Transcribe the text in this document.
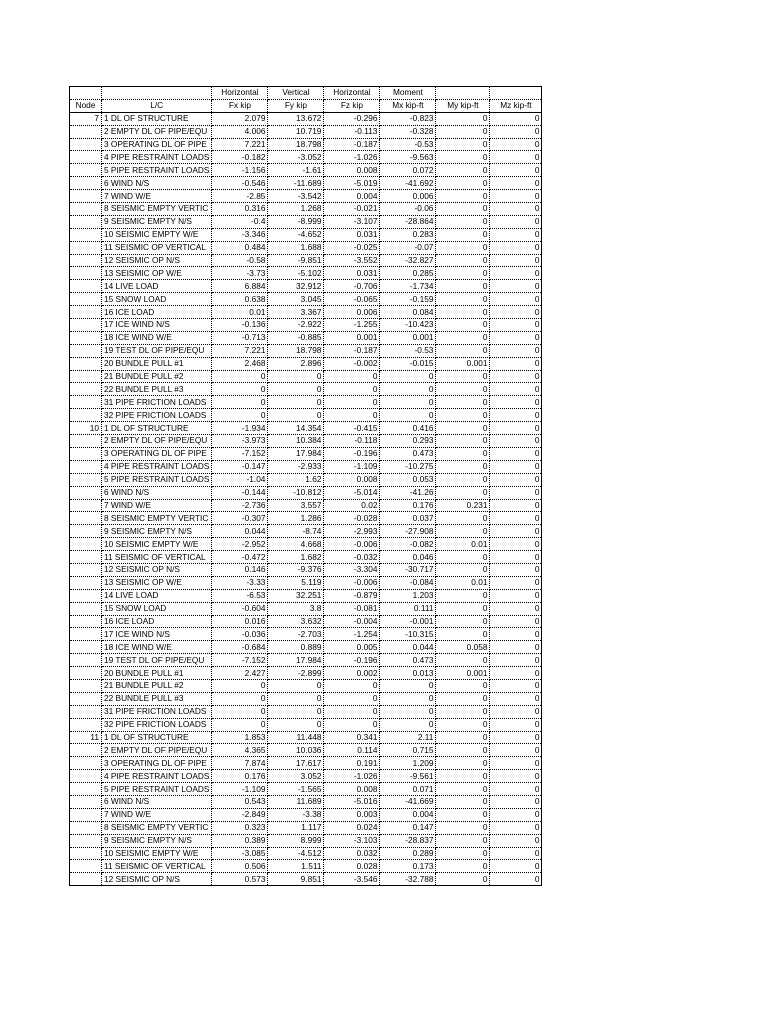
		Horizontal	Vertical	Horizontal	Moment		
Node	L/C	Fx kip	Fy kip	Fz kip	Mx kip-ft	My kip-ft	Mz kip-ft
7	1 DL OF STRUCTURE	2.079	13.672	-0.296	-0.823	0	0
	2 EMPTY DL OF PIPE/EQU	4.006	10.719	-0.113	-0.328	0	0
	3 OPERATING DL OF PIPE	7.221	18.798	-0.187	-0.53	0	0
	4 PIPE RESTRAINT LOADS	-0.182	-3.052	-1.026	-9.563	0	0
	5 PIPE RESTRAINT LOADS	-1.156	-1.61	0.008	0.072	0	0
	6 WIND N/S	-0.546	-11.689	-5.019	-41.692	0	0
	7 WIND W/E	-2.85	-3.542	0.004	0.006	0	0
	8 SEISMIC EMPTY VERTIC	0.316	1.268	-0.021	-0.06	0	0
	9 SEISMIC EMPTY N/S	-0.4	-8.999	-3.107	-28.864	0	0
	10 SEISMIC EMPTY W/E	-3.346	-4.652	0.031	0.283	0	0
	11 SEISMIC OP VERTICAL	0.484	1.688	-0.025	-0.07	0	0
	12 SEISMIC OP N/S	-0.58	-9.851	-3.552	-32.827	0	0
	13 SEISMIC OP W/E	-3.73	-5.102	0.031	0.285	0	0
	14 LIVE LOAD	6.884	32.912	-0.706	-1.734	0	0
	15 SNOW LOAD	0.638	3.045	-0.065	-0.159	0	0
	16 ICE LOAD	0.01	3.367	0.006	0.084	0	0
	17 ICE WIND N/S	-0.136	-2.922	-1.255	-10.423	0	0
	18 ICE WIND W/E	-0.713	-0.885	0.001	0.001	0	0
	19 TEST DL OF PIPE/EQU	7.221	18.798	-0.187	-0.53	0	0
	20 BUNDLE PULL #1	2.468	2.896	-0.002	-0.015	0.001	0
	21 BUNDLE PULL #2	0	0	0	0	0	0
	22 BUNDLE PULL #3	0	0	0	0	0	0
	31 PIPE FRICTION LOADS	0	0	0	0	0	0
	32 PIPE FRICTION LOADS	0	0	0	0	0	0
10	1 DL OF STRUCTURE	-1.934	14.354	-0.415	0.416	0	0
	2 EMPTY DL OF PIPE/EQU	-3.973	10.384	-0.118	0.293	0	0
	3 OPERATING DL OF PIPE	-7.152	17.984	-0.196	0.473	0	0
	4 PIPE RESTRAINT LOADS	-0.147	-2.933	-1.109	-10.275	0	0
	5 PIPE RESTRAINT LOADS	-1.04	1.62	0.008	0.053	0	0
	6 WIND N/S	-0.144	-10.812	-5.014	-41.26	0	0
	7 WIND W/E	-2.736	3.557	0.02	0.176	0.231	0
	8 SEISMIC EMPTY VERTIC	-0.307	1.286	-0.028	0.037	0	0
	9 SEISMIC EMPTY N/S	0.044	-8.74	-2.993	-27.908	0	0
	10 SEISMIC EMPTY W/E	-2.952	4.668	-0.006	-0.082	0.01	0
	11 SEISMIC OF VERTICAL	-0.472	1.682	-0.032	0.046	0	0
	12 SEISMIC OP N/S	0.146	-9.376	-3.304	-30.717	0	0
	13 SEISMIC OP W/E	-3.33	5.119	-0.006	-0.084	0.01	0
	14 LIVE LOAD	-6.53	32.251	-0.879	1.203	0	0
	15 SNOW LOAD	-0.604	3.8	-0.081	0.111	0	0
	16 ICE LOAD	0.016	3.632	-0.004	-0.001	0	0
	17 ICE WIND N/S	-0.036	-2.703	-1.254	-10.315	0	0
	18 ICE WIND W/E	-0.684	0.889	0.005	0.044	0.058	0
	19 TEST DL OF PIPE/EQU	-7.152	17.984	-0.196	0.473	0	0
	20 BUNDLE PULL #1	2.427	-2.899	0.002	0.013	0.001	0
	21 BUNDLE PULL #2	0	0	0	0	0	0
	22 BUNDLE PULL #3	0	0	0	0	0	0
	31 PIPE FRICTION LOADS	0	0	0	0	0	0
	32 PIPE FRICTION LOADS	0	0	0	0	0	0
11	1 DL OF STRUCTURE	1.853	11.448	0.341	2.11	0	0
	2 EMPTY DL OF PIPE/EQU	4.365	10.036	0.114	0.715	0	0
	3 OPERATING DL OF PIPE	7.874	17.617	0.191	1.209	0	0
	4 PIPE RESTRAINT LOADS	0.176	3.052	-1.026	-9.561	0	0
	5 PIPE RESTRAINT LOADS	-1.109	-1.565	0.008	0.071	0	0
	6 WIND N/S	0.543	11.689	-5.016	-41.669	0	0
	7 WIND W/E	-2.849	-3.38	0.003	0.004	0	0
	8 SEISMIC EMPTY VERTIC	0.323	1.117	0.024	0.147	0	0
	9 SEISMIC EMPTY N/S	0.389	8.999	-3.103	-28.837	0	0
	10 SEISMIC EMPTY W/E	-3.085	-4.512	0.032	0.289	0	0
	11 SEISMIC OF VERTICAL	0.506	1.511	0.028	0.173	0	0
	12 SEISMIC OP N/S	0.573	9.851	-3.546	-32.788	0	0
